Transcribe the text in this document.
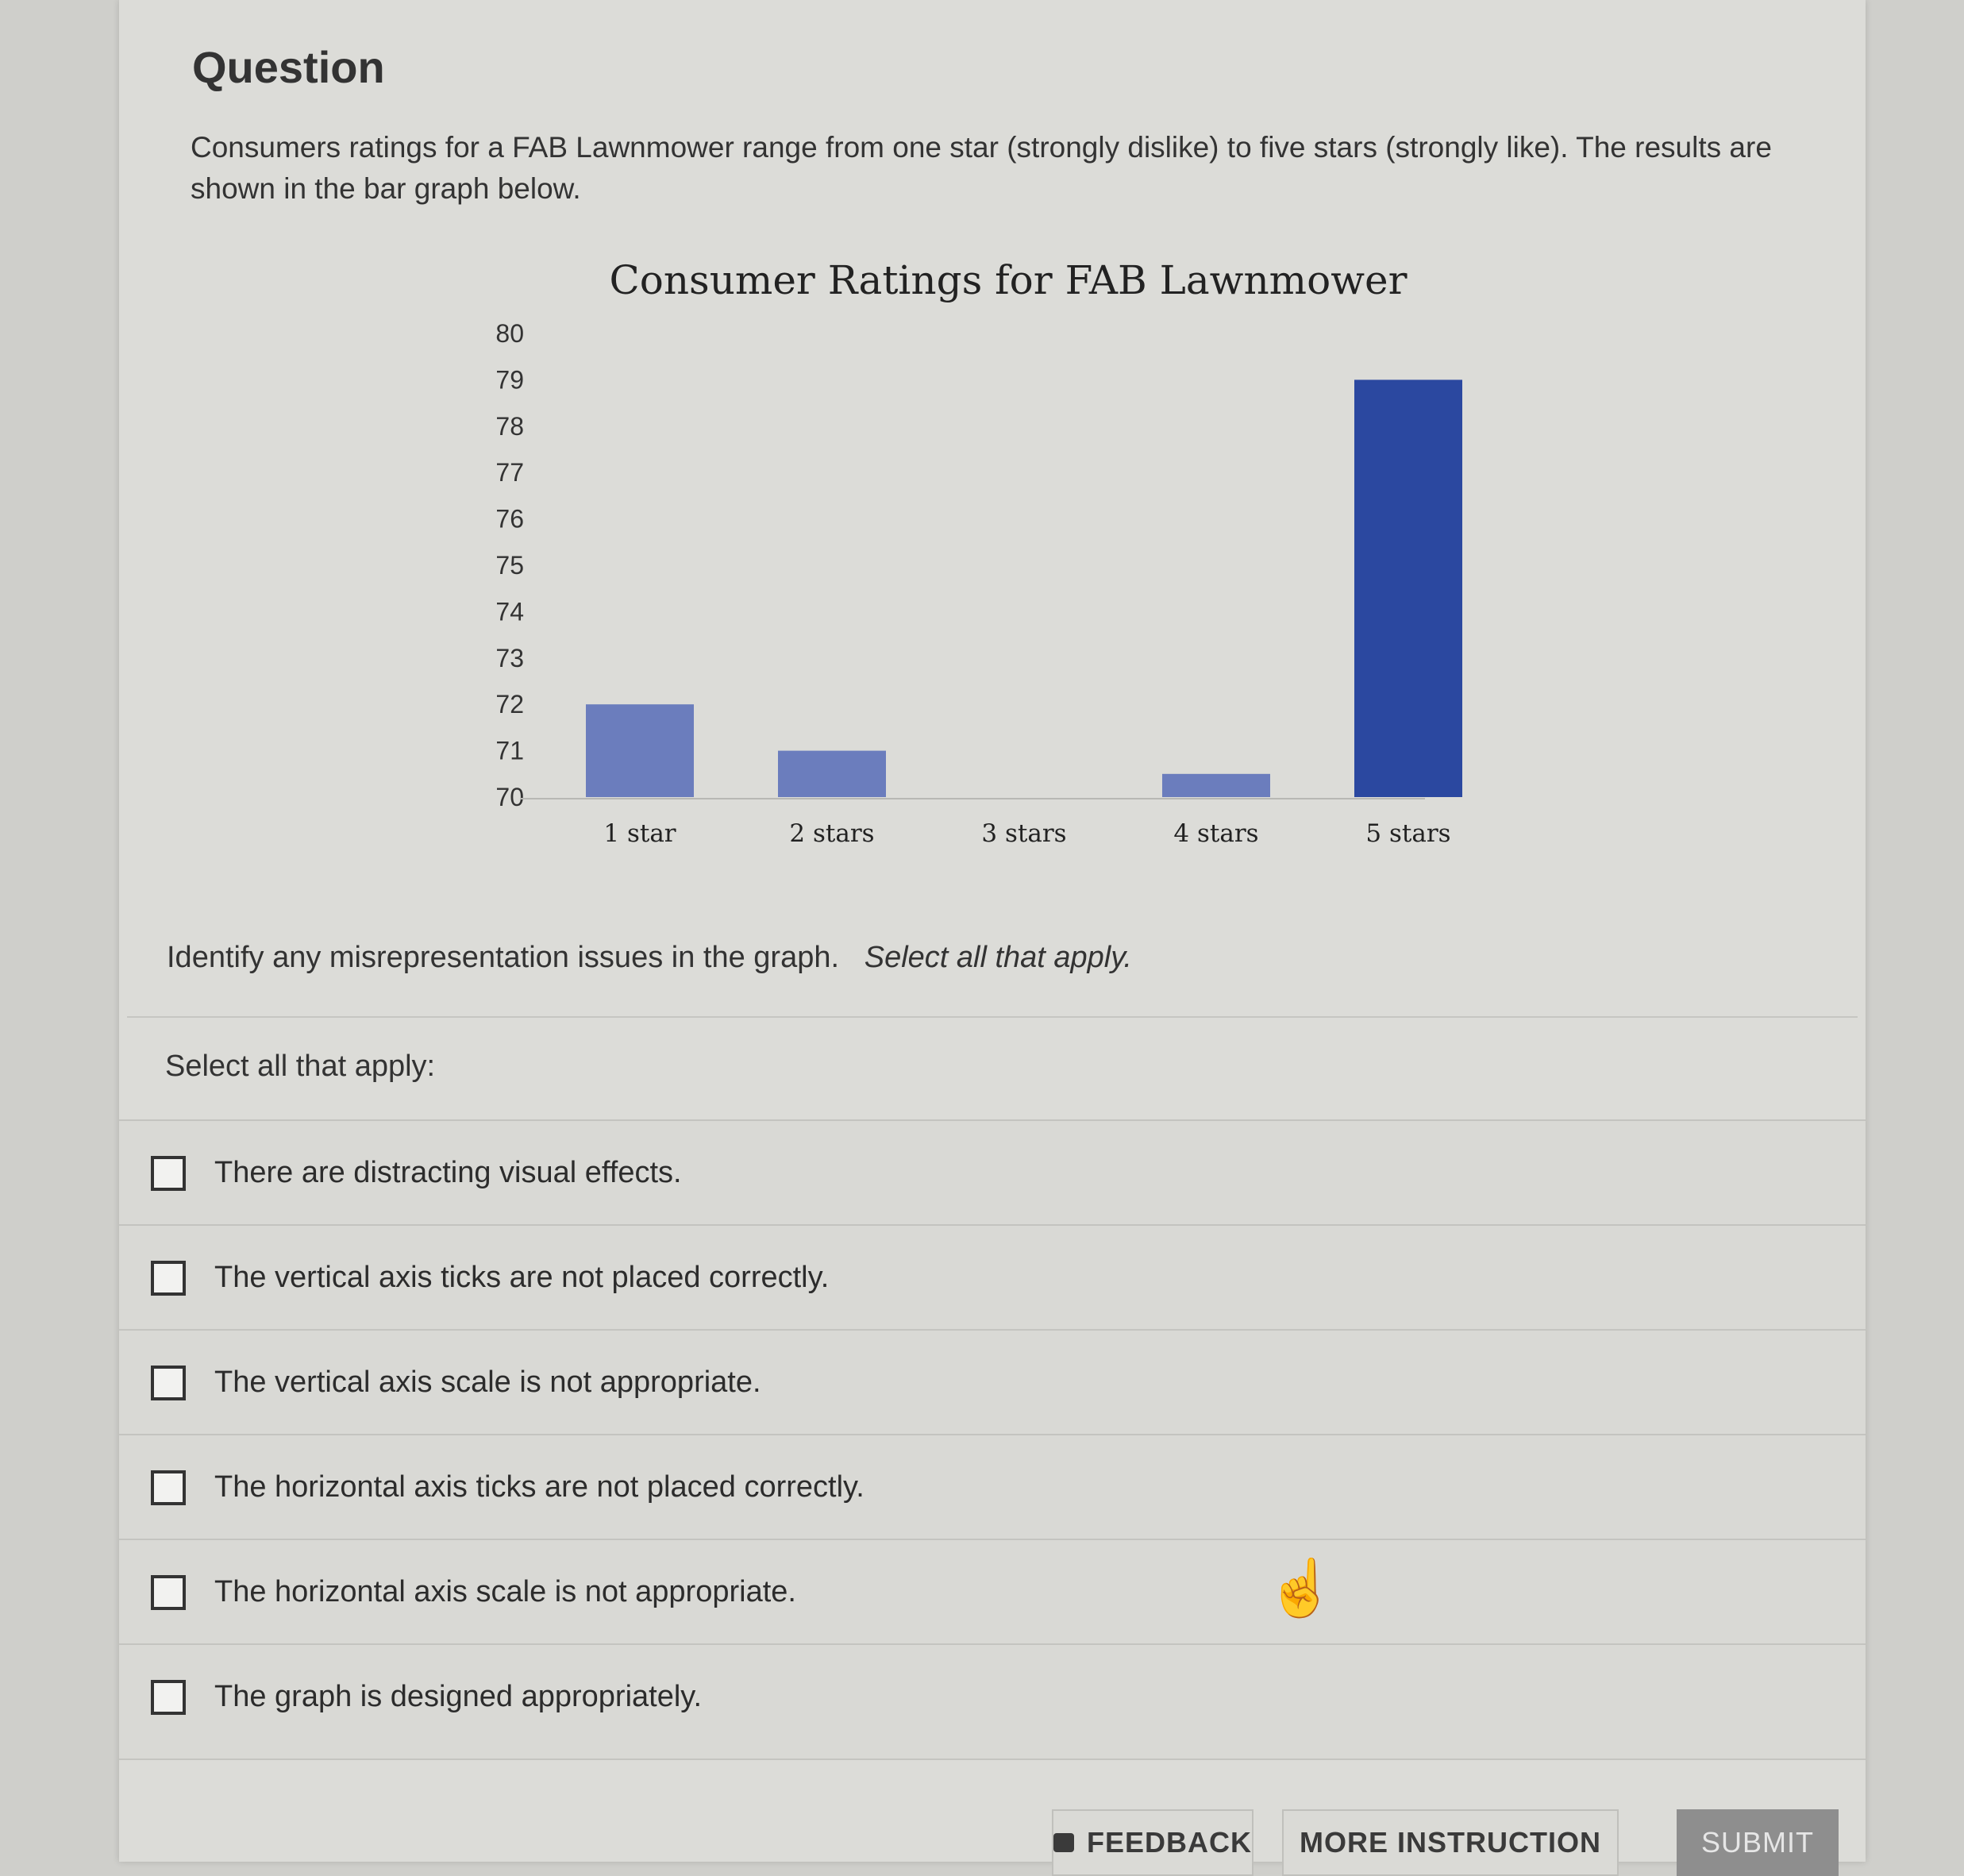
Question
Consumers ratings for a FAB Lawnmower range from one star (strongly dislike) to five stars (strongly like). The results are shown in the bar graph below.
Consumer Ratings for FAB Lawnmower
80
79
78
77
76
75
74
73
72
71
70
1 star	2 stars	3 stars	4 stars	5 stars
Identify any misrepresentation issues in the graph. Select all that apply.
Select all that apply:
There are distracting visual effects.
The vertical axis ticks are not placed correctly.
The vertical axis scale is not appropriate.
The horizontal axis ticks are not placed correctly.
The horizontal axis scale is not appropriate.
The graph is designed appropriately.
☝
FEEDBACK	MORE INSTRUCTION	SUBMIT
